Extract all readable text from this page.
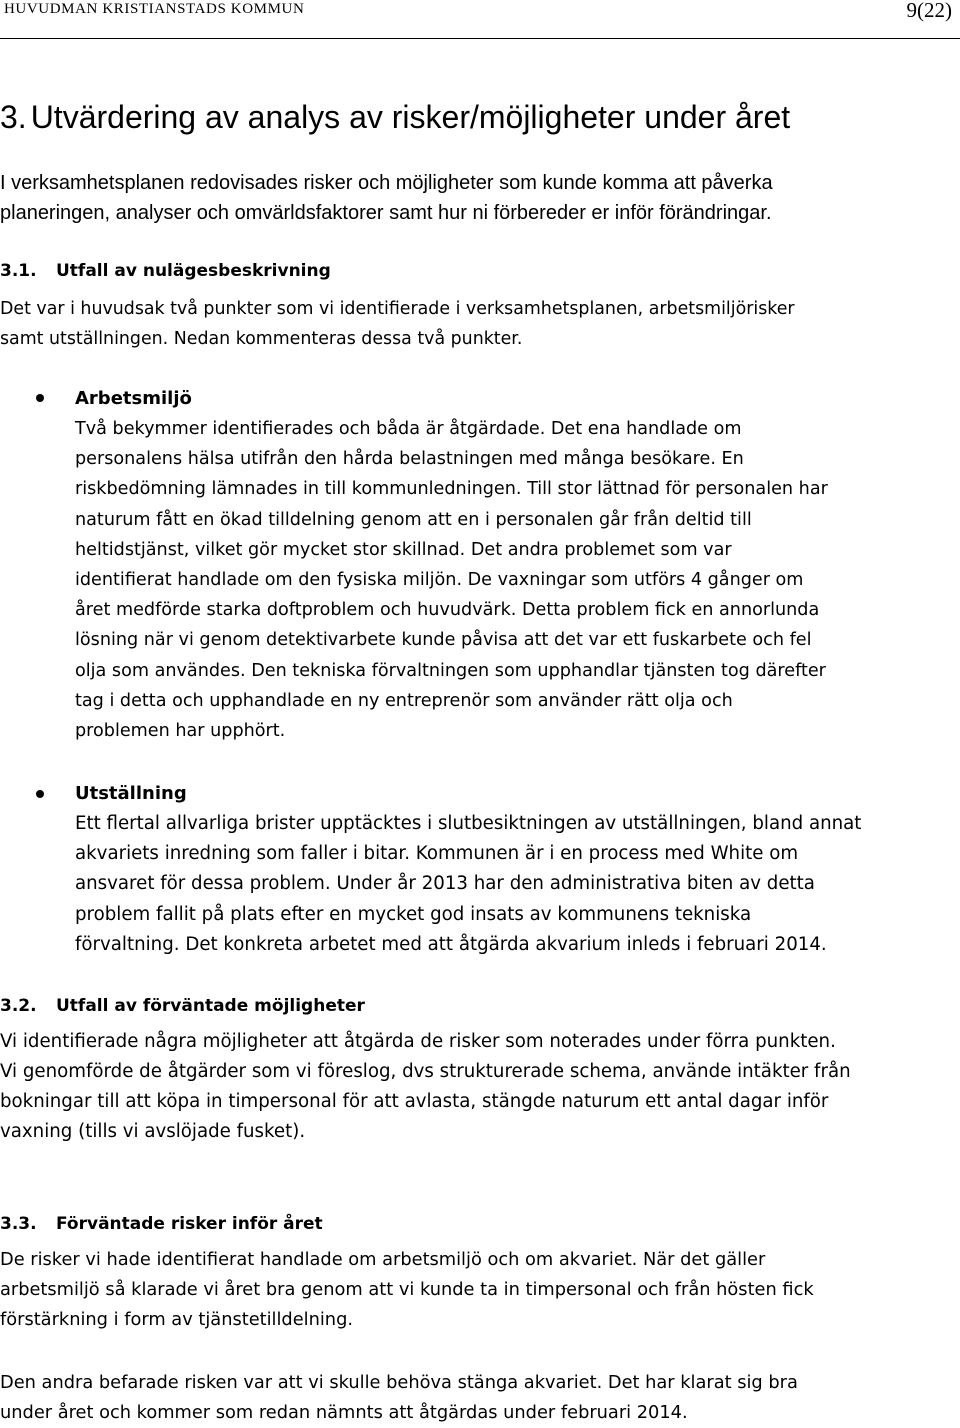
HUVUDMAN KRISTIANSTADS KOMMUN	9(22)
3. Utvärdering av analys av risker/möjligheter under året
I verksamhetsplanen redovisades risker och möjligheter som kunde komma att påverka
planeringen, analyser och omvärldsfaktorer samt hur ni förbereder er inför förändringar.
3.1. Utfall av nulägesbeskrivning
Det var i huvudsak två punkter som vi identifierade i verksamhetsplanen, arbetsmiljörisker
samt utställningen. Nedan kommenteras dessa två punkter.
Arbetsmiljö
Två bekymmer identifierades och båda är åtgärdade. Det ena handlade om
personalens hälsa utifrån den hårda belastningen med många besökare. En
riskbedömning lämnades in till kommunledningen. Till stor lättnad för personalen har
naturum fått en ökad tilldelning genom att en i personalen går från deltid till
heltidstjänst, vilket gör mycket stor skillnad. Det andra problemet som var
identifierat handlade om den fysiska miljön. De vaxningar som utförs 4 gånger om
året medförde starka doftproblem och huvudvärk. Detta problem fick en annorlunda
lösning när vi genom detektivarbete kunde påvisa att det var ett fuskarbete och fel
olja som användes. Den tekniska förvaltningen som upphandlar tjänsten tog därefter
tag i detta och upphandlade en ny entreprenör som använder rätt olja och
problemen har upphört.
Utställning
Ett flertal allvarliga brister upptäcktes i slutbesiktningen av utställningen, bland annat
akvariets inredning som faller i bitar. Kommunen är i en process med White om
ansvaret för dessa problem. Under år 2013 har den administrativa biten av detta
problem fallit på plats efter en mycket god insats av kommunens tekniska
förvaltning. Det konkreta arbetet med att åtgärda akvarium inleds i februari 2014.
3.2. Utfall av förväntade möjligheter
Vi identifierade några möjligheter att åtgärda de risker som noterades under förra punkten.
Vi genomförde de åtgärder som vi föreslog, dvs strukturerade schema, använde intäkter från
bokningar till att köpa in timpersonal för att avlasta, stängde naturum ett antal dagar inför
vaxning (tills vi avslöjade fusket).
3.3. Förväntade risker inför året
De risker vi hade identifierat handlade om arbetsmiljö och om akvariet. När det gäller
arbetsmiljö så klarade vi året bra genom att vi kunde ta in timpersonal och från hösten fick
förstärkning i form av tjänstetilldelning.
Den andra befarade risken var att vi skulle behöva stänga akvariet. Det har klarat sig bra
under året och kommer som redan nämnts att åtgärdas under februari 2014.
